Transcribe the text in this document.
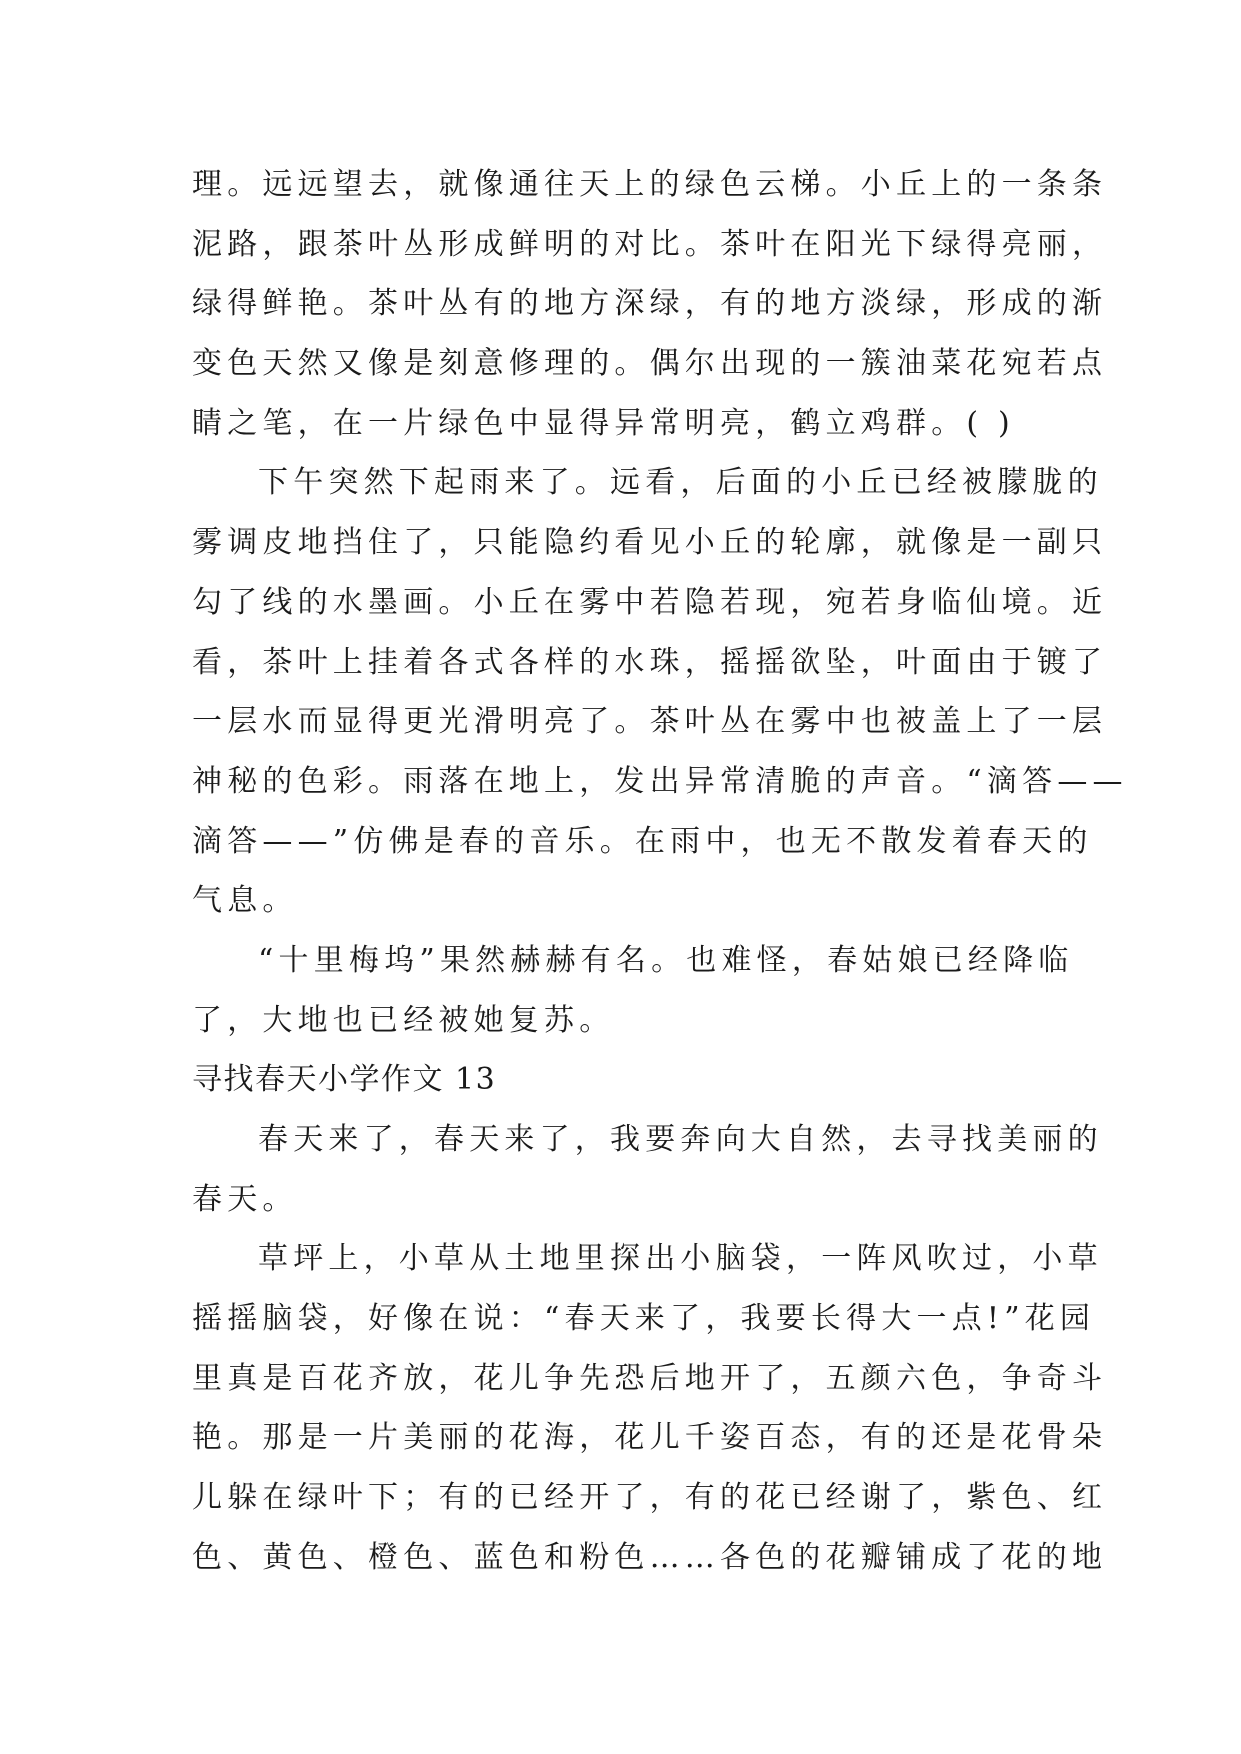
理。远远望去，就像通往天上的绿色云梯。小丘上的一条条
泥路，跟茶叶丛形成鲜明的对比。茶叶在阳光下绿得亮丽，
绿得鲜艳。茶叶丛有的地方深绿，有的地方淡绿，形成的渐
变色天然又像是刻意修理的。偶尔出现的一簇油菜花宛若点
睛之笔，在一片绿色中显得异常明亮，鹤立鸡群。( )
下午突然下起雨来了。远看，后面的小丘已经被朦胧的
雾调皮地挡住了，只能隐约看见小丘的轮廓，就像是一副只
勾了线的水墨画。小丘在雾中若隐若现，宛若身临仙境。近
看，茶叶上挂着各式各样的水珠，摇摇欲坠，叶面由于镀了
一层水而显得更光滑明亮了。茶叶丛在雾中也被盖上了一层
神秘的色彩。雨落在地上，发出异常清脆的声音。“滴答——
滴答——”仿佛是春的音乐。在雨中，也无不散发着春天的
气息。
“十里梅坞”果然赫赫有名。也难怪，春姑娘已经降临
了，大地也已经被她复苏。
寻找春天小学作文 13
春天来了，春天来了，我要奔向大自然，去寻找美丽的
春天。
草坪上，小草从土地里探出小脑袋，一阵风吹过，小草
摇摇脑袋，好像在说：“春天来了，我要长得大一点!”花园
里真是百花齐放，花儿争先恐后地开了，五颜六色，争奇斗
艳。那是一片美丽的花海，花儿千姿百态，有的还是花骨朵
儿躲在绿叶下；有的已经开了，有的花已经谢了，紫色、红
色、黄色、橙色、蓝色和粉色……各色的花瓣铺成了花的地
